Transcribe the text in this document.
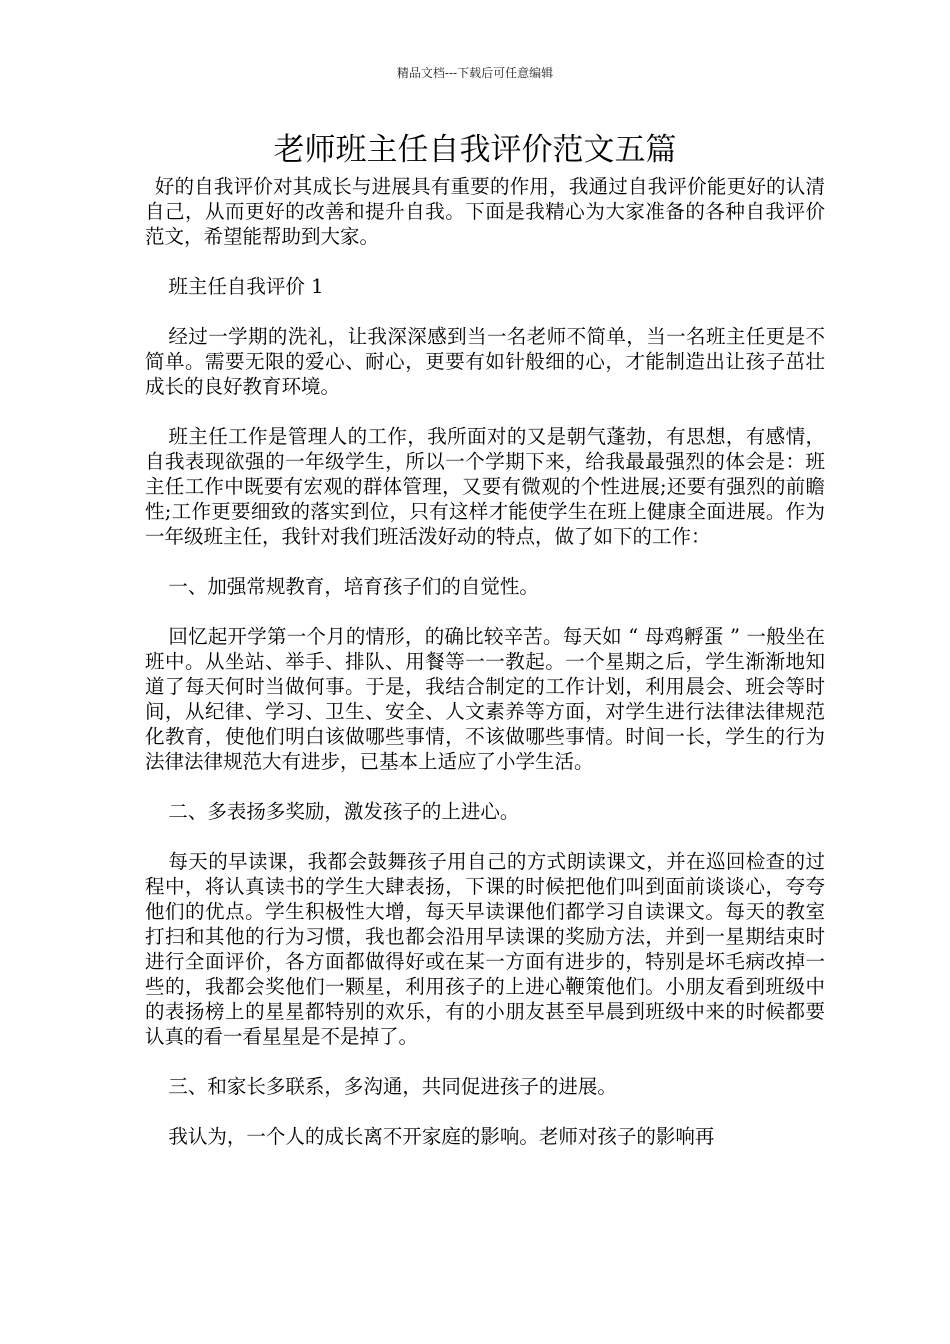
精品文档---下载后可任意编辑
老师班主任自我评价范文五篇

好的自我评价对其成长与进展具有重要的作用，我通过自我评价能更好的认清自己，从而更好的改善和提升自我。下面是我精心为大家准备的各种自我评价范文，希望能帮助到大家。

班主任自我评价 1

经过一学期的洗礼，让我深深感到当一名老师不简单，当一名班主任更是不简单。需要无限的爱心、耐心，更要有如针般细的心，才能制造出让孩子茁壮成长的良好教育环境。

班主任工作是管理人的工作，我所面对的又是朝气蓬勃，有思想，有感情，自我表现欲强的一年级学生，所以一个学期下来，给我最最强烈的体会是：班主任工作中既要有宏观的群体管理，又要有微观的个性进展;还要有强烈的前瞻性;工作更要细致的落实到位，只有这样才能使学生在班上健康全面进展。作为一年级班主任，我针对我们班活泼好动的特点，做了如下的工作：

一、加强常规教育，培育孩子们的自觉性。

回忆起开学第一个月的情形，的确比较辛苦。每天如 “ 母鸡孵蛋 ” 一般坐在班中。从坐站、举手、排队、用餐等一一教起。一个星期之后，学生渐渐地知道了每天何时当做何事。于是，我结合制定的工作计划，利用晨会、班会等时间，从纪律、学习、卫生、安全、人文素养等方面，对学生进行法律法律规范化教育，使他们明白该做哪些事情，不该做哪些事情。时间一长，学生的行为法律法律规范大有进步，已基本上适应了小学生活。

二、多表扬多奖励，激发孩子的上进心。

每天的早读课，我都会鼓舞孩子用自己的方式朗读课文，并在巡回检查的过程中，将认真读书的学生大肆表扬，下课的时候把他们叫到面前谈谈心，夸夸他们的优点。学生积极性大增，每天早读课他们都学习自读课文。每天的教室打扫和其他的行为习惯，我也都会沿用早读课的奖励方法，并到一星期结束时进行全面评价，各方面都做得好或在某一方面有进步的，特别是坏毛病改掉一些的，我都会奖他们一颗星，利用孩子的上进心鞭策他们。小朋友看到班级中的表扬榜上的星星都特别的欢乐，有的小朋友甚至早晨到班级中来的时候都要认真的看一看星星是不是掉了。

三、和家长多联系，多沟通，共同促进孩子的进展。

我认为，一个人的成长离不开家庭的影响。老师对孩子的影响再
